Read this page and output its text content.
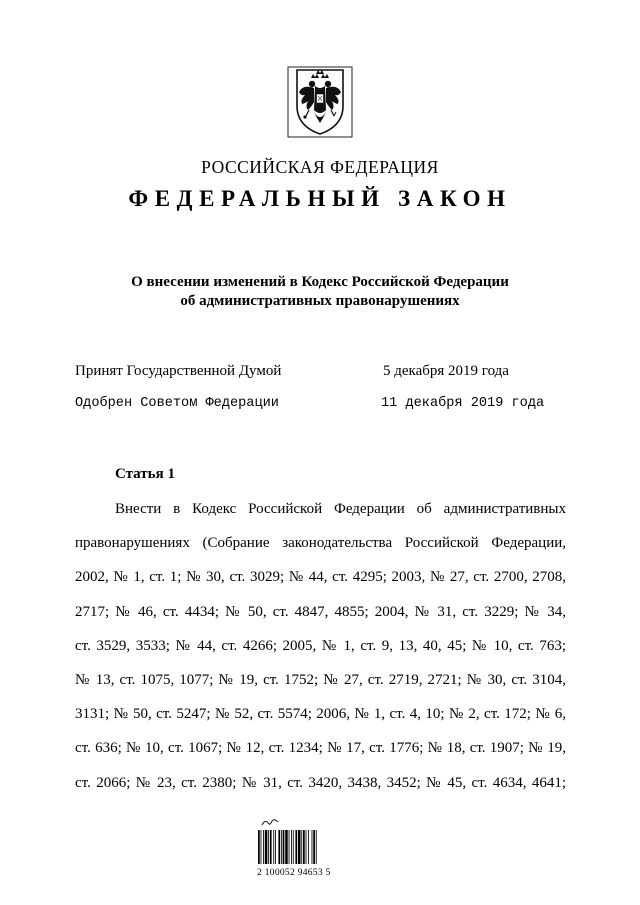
РОССИЙСКАЯ ФЕДЕРАЦИЯ
ФЕДЕРАЛЬНЫЙ ЗАКОН
О внесении изменений в Кодекс Российской Федерации
об административных правонарушениях
Принят Государственной Думой	5 декабря 2019 года
Одобрен Советом Федерации	11 декабря 2019 года
Статья 1
Внести в Кодекс Российской Федерации об административных
правонарушениях (Собрание законодательства Российской Федерации,
2002, № 1, ст. 1; № 30, ст. 3029; № 44, ст. 4295; 2003, № 27, ст. 2700, 2708,
2717; № 46, ст. 4434; № 50, ст. 4847, 4855; 2004, № 31, ст. 3229; № 34,
ст. 3529, 3533; № 44, ст. 4266; 2005, № 1, ст. 9, 13, 40, 45; № 10, ст. 763;
№ 13, ст. 1075, 1077; № 19, ст. 1752; № 27, ст. 2719, 2721; № 30, ст. 3104,
3131; № 50, ст. 5247; № 52, ст. 5574; 2006, № 1, ст. 4, 10; № 2, ст. 172; № 6,
ст. 636; № 10, ст. 1067; № 12, ст. 1234; № 17, ст. 1776; № 18, ст. 1907; № 19,
ст. 2066; № 23, ст. 2380; № 31, ст. 3420, 3438, 3452; № 45, ст. 4634, 4641;
2 100052 94653 5
